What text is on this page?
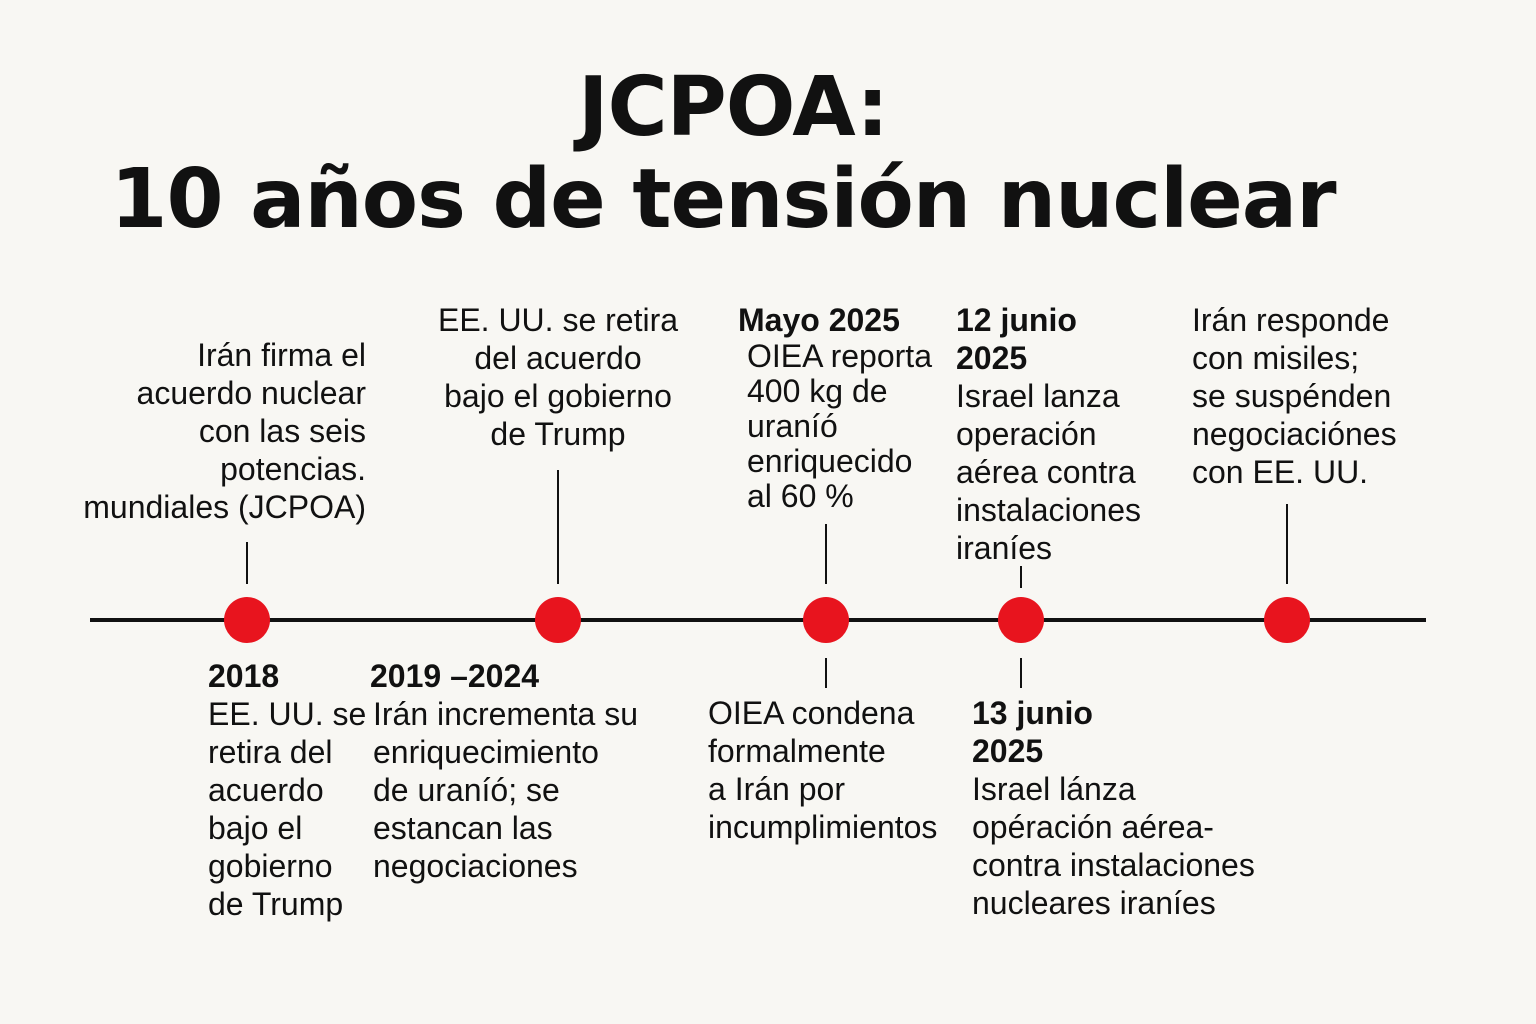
JCPOA:
10 años de tensión nuclear
Irán firma el
acuerdo nuclear
con las seis
potencias.
mundiales (JCPOA)
EE. UU. se retira
del acuerdo
bajo el gobierno
de Trump
Mayo 2025
OIEA reporta
400 kg de
uraníó
enriquecido
al 60 %
12 junio
2025
Israel lanza
operación
aérea contra
instalaciones
iraníes
Irán responde
con misiles;
se suspénden
negociaciónes
con EE. UU.
2018
EE. UU. se
retira del
acuerdo
bajo el
gobierno
de Trump
2019 –2024
Irán incrementa su
enriquecimiento
de uraníó; se
estancan las
negociaciones
OIEA condena
formalmente
a Irán por
incumplimientos
13 junio
2025
Israel lánza
opéración aérea-
contra instalaciones
nucleares iraníes
